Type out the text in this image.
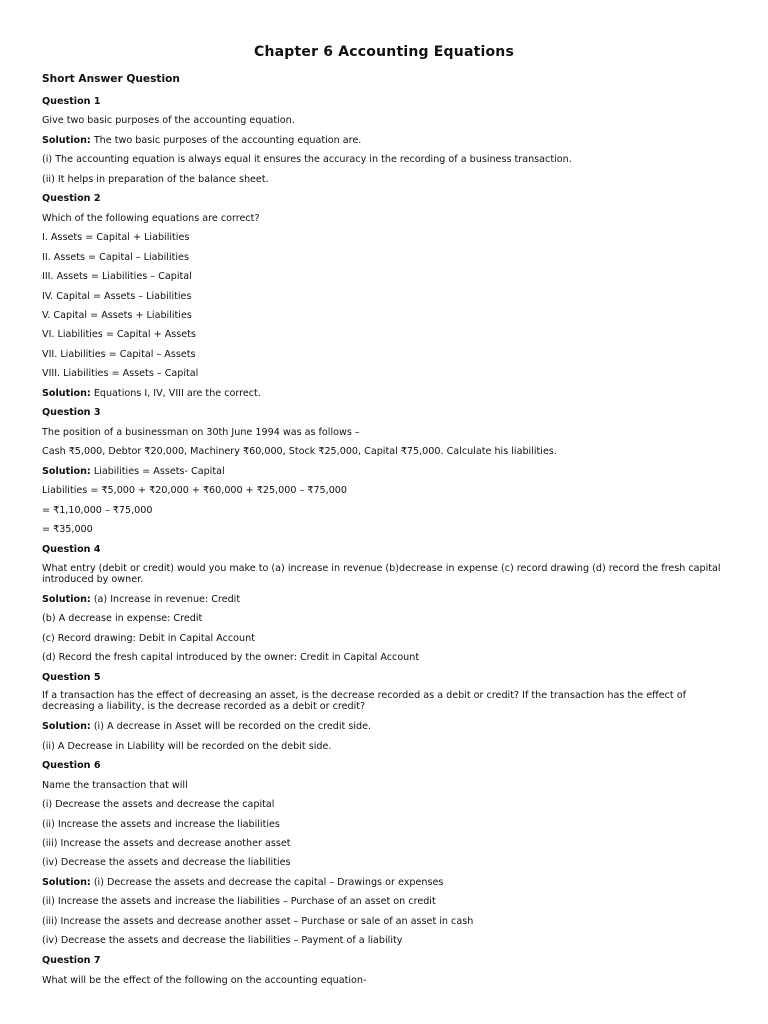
Chapter 6 Accounting Equations
Short Answer Question
Question 1
Give two basic purposes of the accounting equation.
Solution: The two basic purposes of the accounting equation are.
(i) The accounting equation is always equal it ensures the accuracy in the recording of a business transaction.
(ii) It helps in preparation of the balance sheet.
Question 2
Which of the following equations are correct?
I. Assets = Capital + Liabilities
II. Assets = Capital – Liabilities
III. Assets = Liabilities – Capital
IV. Capital = Assets – Liabilities
V. Capital = Assets + Liabilities
VI. Liabilities = Capital + Assets
VII. Liabilities = Capital – Assets
VIII. Liabilities = Assets – Capital
Solution: Equations I, IV, VIII are the correct.
Question 3
The position of a businessman on 30th June 1994 was as follows –
Cash ₹5,000, Debtor ₹20,000, Machinery ₹60,000, Stock ₹25,000, Capital ₹75,000. Calculate his liabilities.
Solution: Liabilities = Assets- Capital
Liabilities = ₹5,000 + ₹20,000 + ₹60,000 + ₹25,000 – ₹75,000
= ₹1,10,000 – ₹75,000
= ₹35,000
Question 4
What entry (debit or credit) would you make to (a) increase in revenue (b)decrease in expense (c) record drawing (d) record the fresh capital introduced by owner.
Solution: (a) Increase in revenue: Credit
(b) A decrease in expense: Credit
(c) Record drawing: Debit in Capital Account
(d) Record the fresh capital introduced by the owner: Credit in Capital Account
Question 5
If a transaction has the effect of decreasing an asset, is the decrease recorded as a debit or credit? If the transaction has the effect of decreasing a liability, is the decrease recorded as a debit or credit?
Solution: (i) A decrease in Asset will be recorded on the credit side.
(ii) A Decrease in Liability will be recorded on the debit side.
Question 6
Name the transaction that will
(i) Decrease the assets and decrease the capital
(ii) Increase the assets and increase the liabilities
(iii) Increase the assets and decrease another asset
(iv) Decrease the assets and decrease the liabilities
Solution: (i) Decrease the assets and decrease the capital – Drawings or expenses
(ii) Increase the assets and increase the liabilities – Purchase of an asset on credit
(iii) Increase the assets and decrease another asset – Purchase or sale of an asset in cash
(iv) Decrease the assets and decrease the liabilities – Payment of a liability
Question 7
What will be the effect of the following on the accounting equation-
